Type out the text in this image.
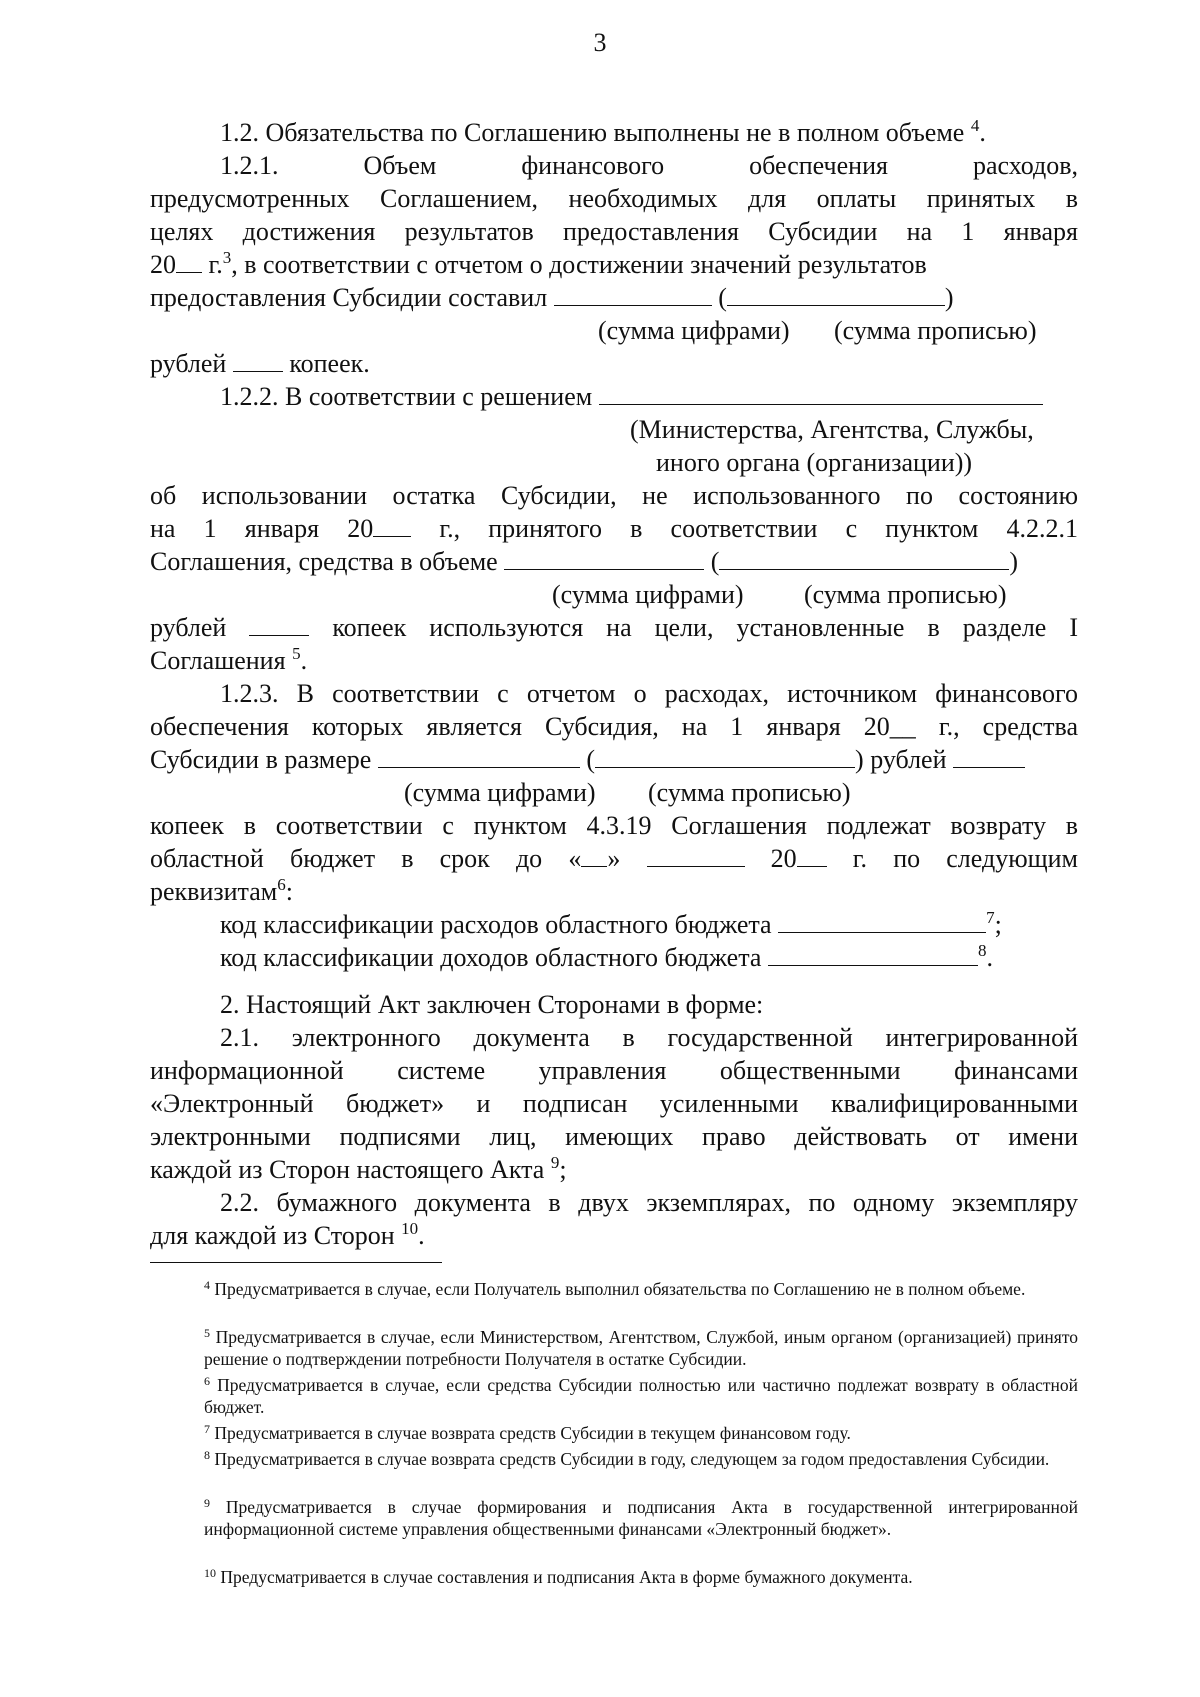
3
1.2. Обязательства по Соглашению выполнены не в полном объеме $^4$.
1.2.1.	Объем	финансового	обеспечения	расходов,
предусмотренных Соглашением, необходимых для оплаты принятых в
целях достижения результатов предоставления Субсидии на 1 января
20 г.$^3$, в соответствии с отчетом о достижении значений результатов
предоставления Субсидии составил	(	)
(сумма цифрами) (сумма прописью)
рублей копеек.
1.2.2. В соответствии с решением
(Министерства, Агентства, Службы,
иного органа (организации))
об использовании остатка Субсидии, не использованного по состоянию
на 1 января 20	г., принятого в соответствии с пунктом 4.2.2.1
Соглашения, средства в объеме	(	)
(сумма цифрами) (сумма прописью)
рублей	копеек используются на цели, установленные в разделе I
Соглашения $^5$.
1.2.3. В соответствии с отчетом о расходах, источником финансового
обеспечения которых является Субсидия, на 1 января 20__ г., средства
Субсидии в размере	(	) рублей
(сумма цифрами) (сумма прописью)
копеек в соответствии с пунктом 4.3.19 Соглашения подлежат возврату в
областной бюджет в срок до « »	20 г. по следующим
реквизитам$^6$:
код классификации расходов областного бюджета	$^7$;
код классификации доходов областного бюджета	$^8$.
2. Настоящий Акт заключен Сторонами в форме:
2.1. электронного документа в государственной интегрированной
информационной системе управления общественными финансами
«Электронный бюджет» и подписан усиленными квалифицированными
электронными подписями лиц, имеющих право действовать от имени
каждой из Сторон настоящего Акта $^9$;
2.2. бумажного документа в двух экземплярах, по одному экземпляру
для каждой из Сторон $^{10}$.
$^4$ Предусматривается в случае, если Получатель выполнил обязательства по Соглашению не в полном объеме.
$^5$ Предусматривается в случае, если Министерством, Агентством, Службой, иным органом (организацией) принято решение о подтверждении потребности Получателя в остатке Субсидии.
$^6$ Предусматривается в случае, если средства Субсидии полностью или частично подлежат возврату в областной бюджет.
$^7$ Предусматривается в случае возврата средств Субсидии в текущем финансовом году.
$^8$ Предусматривается в случае возврата средств Субсидии в году, следующем за годом предоставления Субсидии.
$^9$ Предусматривается в случае формирования и подписания Акта в государственной интегрированной информационной системе управления общественными финансами «Электронный бюджет».
$^{10}$ Предусматривается в случае составления и подписания Акта в форме бумажного документа.
